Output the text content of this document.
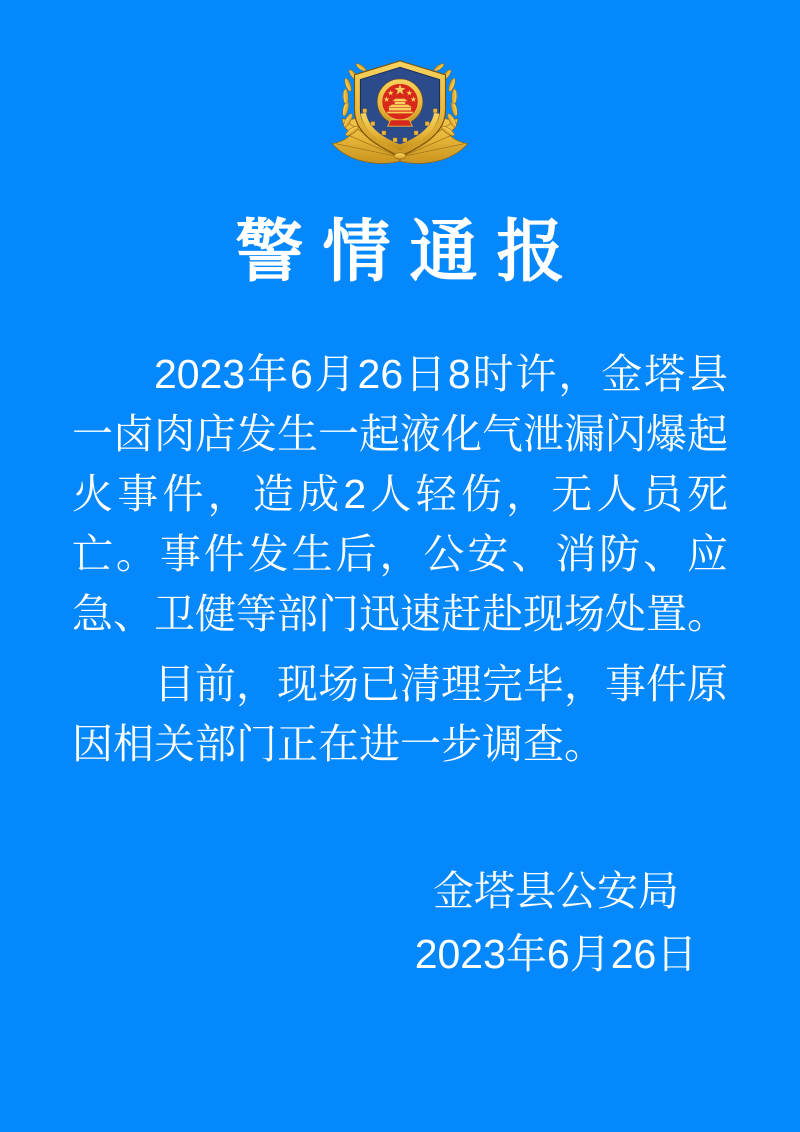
警情通报

2023年6月26日8时许，金塔县一卤肉店发生一起液化气泄漏闪爆起火事件，造成2人轻伤，无人员死亡。事件发生后，公安、消防、应急、卫健等部门迅速赶赴现场处置。

目前，现场已清理完毕，事件原因相关部门正在进一步调查。

金塔县公安局
2023年6月26日
